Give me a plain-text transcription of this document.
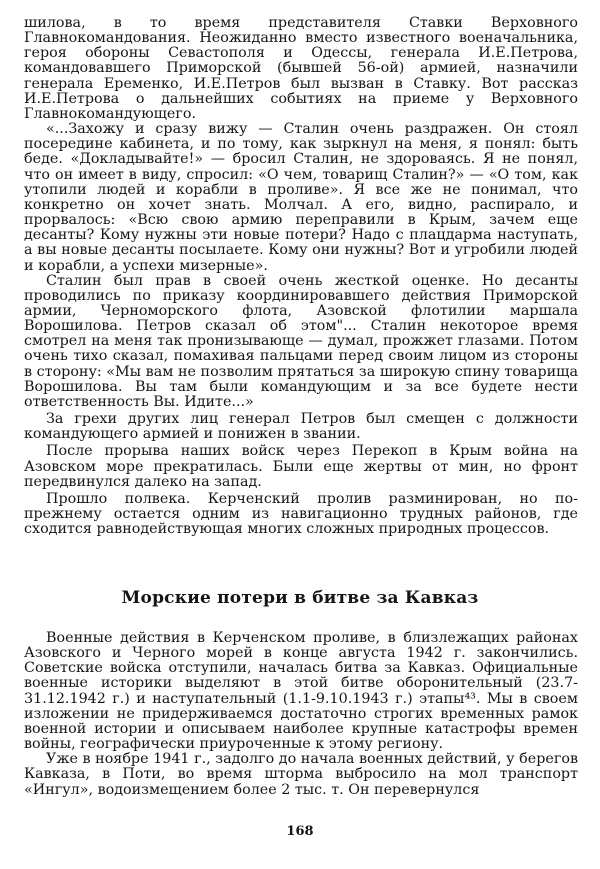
шилова, в то время представителя Ставки Верховного Главнокомандования. Неожиданно вместо известного военачальника, героя обороны Севастополя и Одессы, генерала И.Е.Петрова, командовавшего Приморской (бывшей 56-ой) армией, назначили генерала Еременко, И.Е.Петров был вызван в Ставку. Вот рассказ И.Е.Петрова о дальнейших событиях на приеме у Верховного Главнокомандующего.

«...Захожу и сразу вижу — Сталин очень раздражен. Он стоял посередине кабинета, и по тому, как зыркнул на меня, я понял: быть беде. «Докладывайте!» — бросил Сталин, не здороваясь. Я не понял, что он имеет в виду, спросил: «О чем, товарищ Сталин?» — «О том, как утопили людей и корабли в проливе». Я все же не понимал, что конкретно он хочет знать. Молчал. А его, видно, распирало, и прорвалось: «Всю свою армию переправили в Крым, зачем еще десанты? Кому нужны эти новые потери? Надо с плацдарма наступать, а вы новые десанты посылаете. Кому они нужны? Вот и угробили людей и корабли, а успехи мизерные».

Сталин был прав в своей очень жесткой оценке. Но десанты проводились по приказу координировавшего действия Приморской армии, Черноморского флота, Азовской флотилии маршала Ворошилова. Петров сказал об этом"... Сталин некоторое время смотрел на меня так пронизывающе — думал, прожжет глазами. Потом очень тихо сказал, помахивая пальцами перед своим лицом из стороны в сторону: «Мы вам не позволим прятаться за широкую спину товарища Ворошилова. Вы там были командующим и за все будете нести ответственность Вы. Идите...»

За грехи других лиц генерал Петров был смещен с должности командующего армией и понижен в звании.

После прорыва наших войск через Перекоп в Крым война на Азовском море прекратилась. Были еще жертвы от мин, но фронт передвинулся далеко на запад.

Прошло полвека. Керченский пролив разминирован, но по-прежнему остается одним из навигационно трудных районов, где сходится равнодействующая многих сложных природных процессов.

Морские потери в битве за Кавказ

Военные действия в Керченском проливе, в близлежащих районах Азовского и Черного морей в конце августа 1942 г. закончились. Советские войска отступили, началась битва за Кавказ. Официальные военные историки выделяют в этой битве оборонительный (23.7-31.12.1942 г.) и наступательный (1.1-9.10.1943 г.) этапы⁴³. Мы в своем изложении не придерживаемся достаточно строгих временных рамок военной истории и описываем наиболее крупные катастрофы времен войны, географически приуроченные к этому региону.

Уже в ноябре 1941 г., задолго до начала военных действий, у берегов Кавказа, в Поти, во время шторма выбросило на мол транспорт «Ингул», водоизмещением более 2 тыс. т. Он перевернулся

168
